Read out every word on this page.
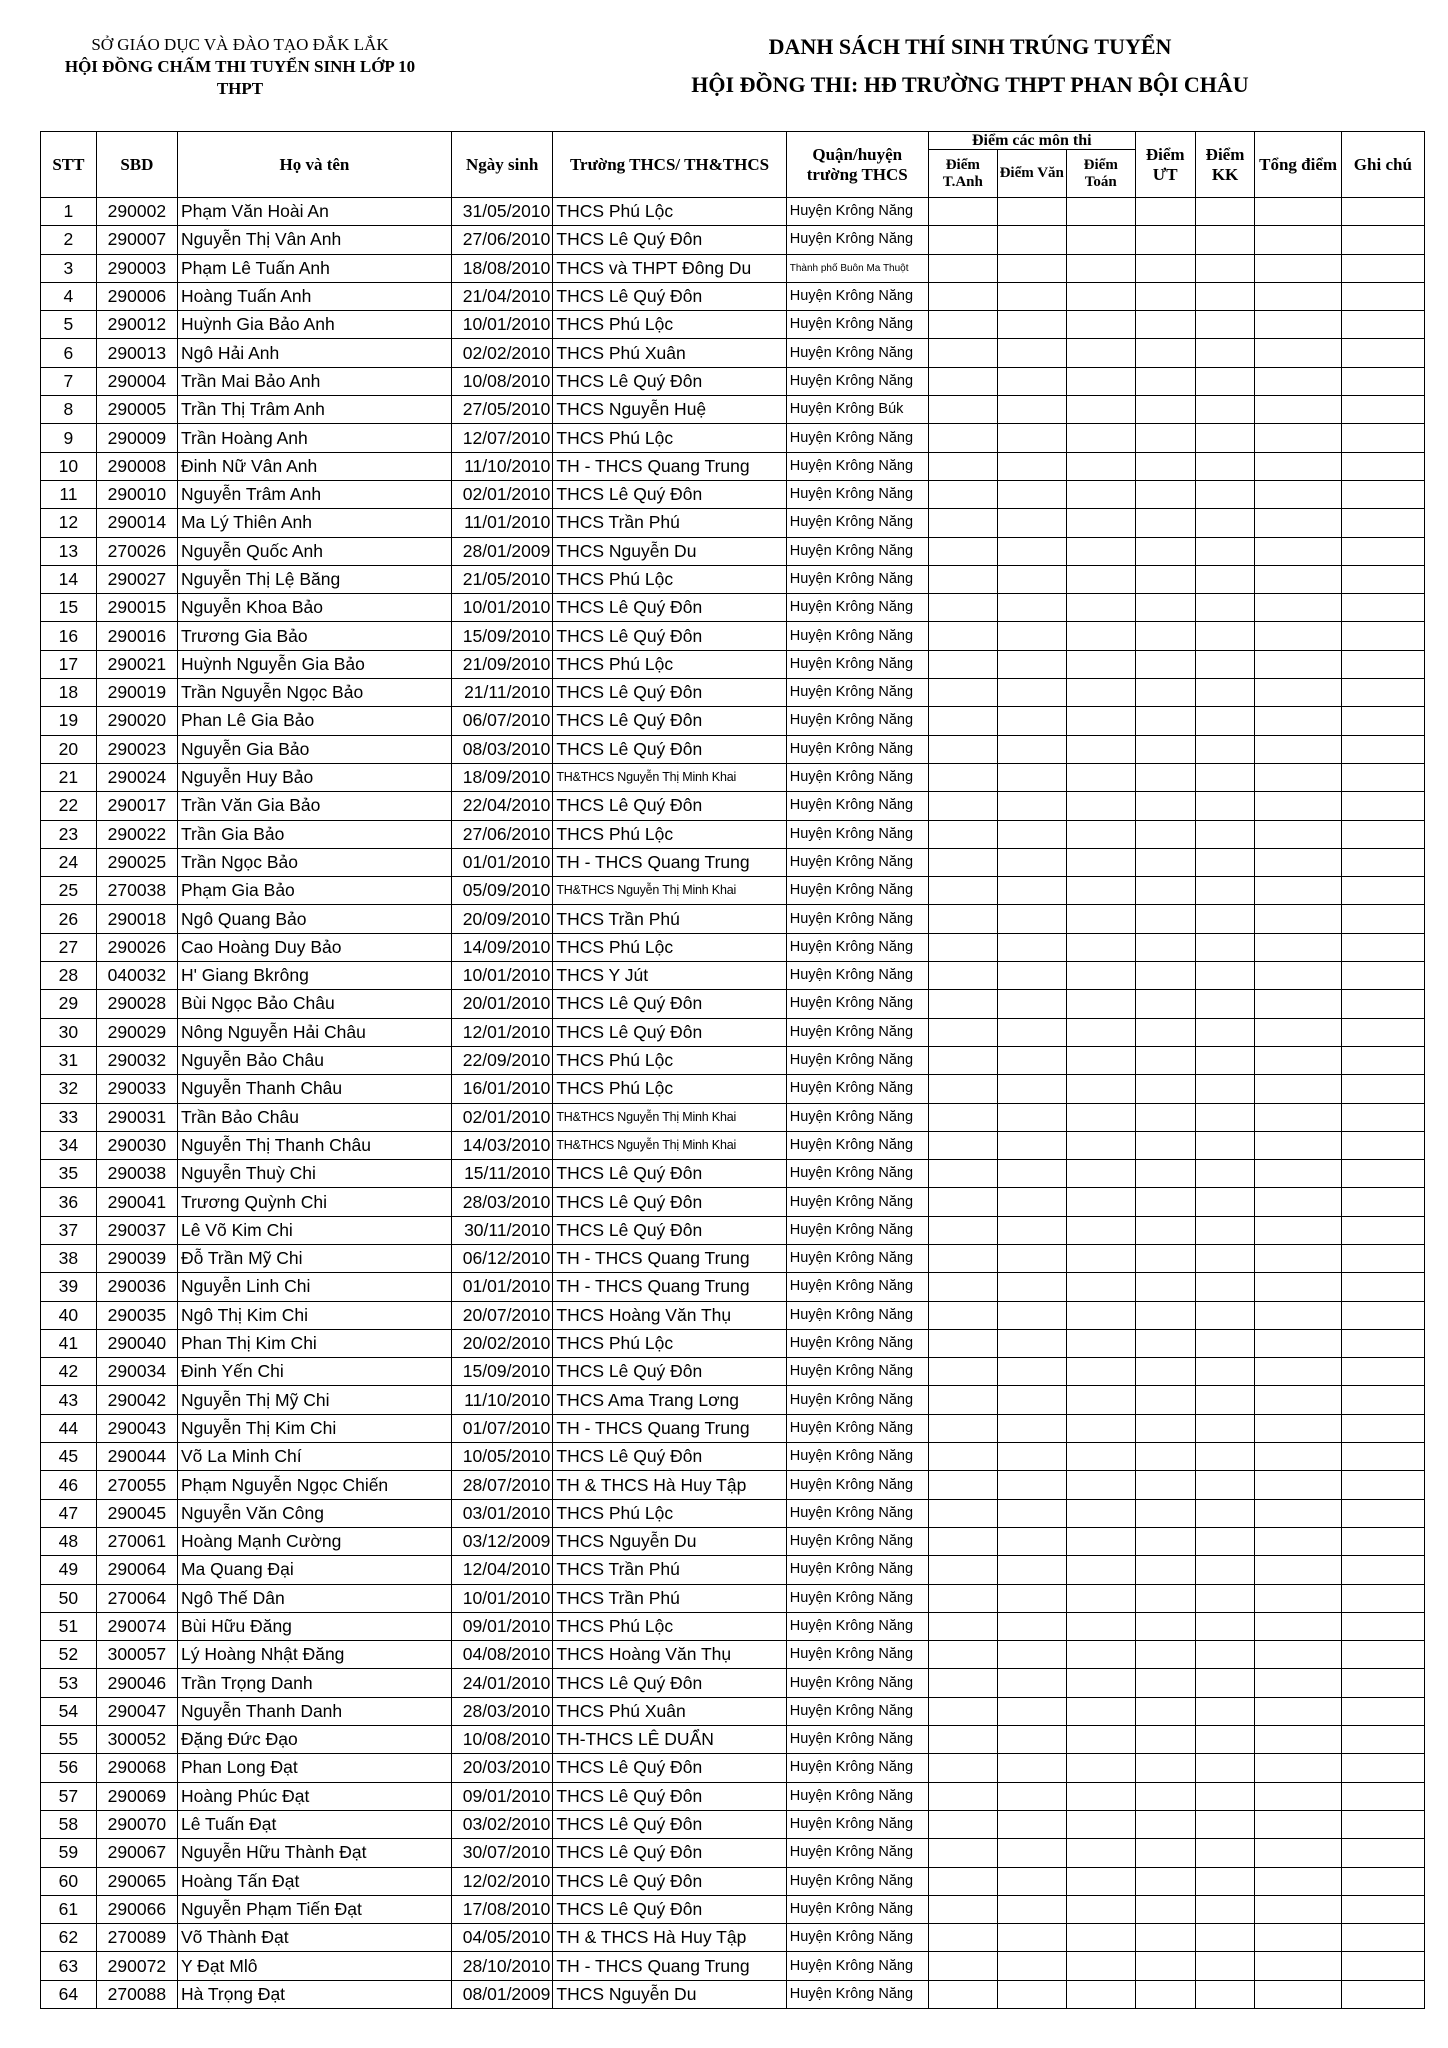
SỞ GIÁO DỤC VÀ ĐÀO TẠO ĐẮK LẮK
HỘI ĐỒNG CHẤM THI TUYỂN SINH LỚP 10
THPT
DANH SÁCH THÍ SINH TRÚNG TUYỂN
HỘI ĐỒNG THI: HĐ TRƯỜNG THPT PHAN BỘI CHÂU
STT	SBD	Họ và tên	Ngày sinh	Trường THCS/ TH&THCS	Quận/huyện trường THCS	Điểm các môn thi			Điểm ƯT	Điểm KK	Tổng điểm	Ghi chú
						Điểm T.Anh	Điểm Văn	Điểm Toán				
1	290002	Phạm Văn Hoài An	31/05/2010	THCS Phú Lộc	Huyện Krông Năng							
2	290007	Nguyễn Thị Vân Anh	27/06/2010	THCS Lê Quý Đôn	Huyện Krông Năng							
3	290003	Phạm Lê Tuấn Anh	18/08/2010	THCS và THPT Đông Du	Thành phố Buôn Ma Thuột							
4	290006	Hoàng Tuấn Anh	21/04/2010	THCS Lê Quý Đôn	Huyện Krông Năng							
5	290012	Huỳnh Gia Bảo Anh	10/01/2010	THCS Phú Lộc	Huyện Krông Năng							
6	290013	Ngô Hải Anh	02/02/2010	THCS Phú Xuân	Huyện Krông Năng							
7	290004	Trần Mai Bảo Anh	10/08/2010	THCS Lê Quý Đôn	Huyện Krông Năng							
8	290005	Trần Thị Trâm Anh	27/05/2010	THCS Nguyễn Huệ	Huyện Krông Búk							
9	290009	Trần Hoàng Anh	12/07/2010	THCS Phú Lộc	Huyện Krông Năng							
10	290008	Đinh Nữ Vân Anh	11/10/2010	TH - THCS Quang Trung	Huyện Krông Năng							
11	290010	Nguyễn Trâm Anh	02/01/2010	THCS Lê Quý Đôn	Huyện Krông Năng							
12	290014	Ma Lý Thiên Anh	11/01/2010	THCS Trần Phú	Huyện Krông Năng							
13	270026	Nguyễn Quốc Anh	28/01/2009	THCS Nguyễn Du	Huyện Krông Năng							
14	290027	Nguyễn Thị Lệ Băng	21/05/2010	THCS Phú Lộc	Huyện Krông Năng							
15	290015	Nguyễn Khoa Bảo	10/01/2010	THCS Lê Quý Đôn	Huyện Krông Năng							
16	290016	Trương Gia Bảo	15/09/2010	THCS Lê Quý Đôn	Huyện Krông Năng							
17	290021	Huỳnh Nguyễn Gia Bảo	21/09/2010	THCS Phú Lộc	Huyện Krông Năng							
18	290019	Trần Nguyễn Ngọc Bảo	21/11/2010	THCS Lê Quý Đôn	Huyện Krông Năng							
19	290020	Phan Lê Gia Bảo	06/07/2010	THCS Lê Quý Đôn	Huyện Krông Năng							
20	290023	Nguyễn Gia Bảo	08/03/2010	THCS Lê Quý Đôn	Huyện Krông Năng							
21	290024	Nguyễn Huy Bảo	18/09/2010	TH&THCS Nguyễn Thị Minh Khai	Huyện Krông Năng							
22	290017	Trần Văn Gia Bảo	22/04/2010	THCS Lê Quý Đôn	Huyện Krông Năng							
23	290022	Trần Gia Bảo	27/06/2010	THCS Phú Lộc	Huyện Krông Năng							
24	290025	Trần Ngọc Bảo	01/01/2010	TH - THCS Quang Trung	Huyện Krông Năng							
25	270038	Phạm Gia Bảo	05/09/2010	TH&THCS Nguyễn Thị Minh Khai	Huyện Krông Năng							
26	290018	Ngô Quang Bảo	20/09/2010	THCS Trần Phú	Huyện Krông Năng							
27	290026	Cao Hoàng Duy Bảo	14/09/2010	THCS Phú Lộc	Huyện Krông Năng							
28	040032	H' Giang Bkrông	10/01/2010	THCS Y Jút	Huyện Krông Năng							
29	290028	Bùi Ngọc Bảo Châu	20/01/2010	THCS Lê Quý Đôn	Huyện Krông Năng							
30	290029	Nông Nguyễn Hải Châu	12/01/2010	THCS Lê Quý Đôn	Huyện Krông Năng							
31	290032	Nguyễn Bảo Châu	22/09/2010	THCS Phú Lộc	Huyện Krông Năng							
32	290033	Nguyễn Thanh Châu	16/01/2010	THCS Phú Lộc	Huyện Krông Năng							
33	290031	Trần Bảo Châu	02/01/2010	TH&THCS Nguyễn Thị Minh Khai	Huyện Krông Năng							
34	290030	Nguyễn Thị Thanh Châu	14/03/2010	TH&THCS Nguyễn Thị Minh Khai	Huyện Krông Năng							
35	290038	Nguyễn Thuỳ Chi	15/11/2010	THCS Lê Quý Đôn	Huyện Krông Năng							
36	290041	Trương Quỳnh Chi	28/03/2010	THCS Lê Quý Đôn	Huyện Krông Năng							
37	290037	Lê Võ Kim Chi	30/11/2010	THCS Lê Quý Đôn	Huyện Krông Năng							
38	290039	Đỗ Trần Mỹ Chi	06/12/2010	TH - THCS Quang Trung	Huyện Krông Năng							
39	290036	Nguyễn Linh Chi	01/01/2010	TH - THCS Quang Trung	Huyện Krông Năng							
40	290035	Ngô Thị Kim Chi	20/07/2010	THCS Hoàng Văn Thụ	Huyện Krông Năng							
41	290040	Phan Thị Kim Chi	20/02/2010	THCS Phú Lộc	Huyện Krông Năng							
42	290034	Đinh Yến Chi	15/09/2010	THCS Lê Quý Đôn	Huyện Krông Năng							
43	290042	Nguyễn Thị Mỹ Chi	11/10/2010	THCS Ama Trang Lơng	Huyện Krông Năng							
44	290043	Nguyễn Thị Kim Chi	01/07/2010	TH - THCS Quang Trung	Huyện Krông Năng							
45	290044	Võ La Minh Chí	10/05/2010	THCS Lê Quý Đôn	Huyện Krông Năng							
46	270055	Phạm Nguyễn Ngọc Chiến	28/07/2010	TH & THCS Hà Huy Tập	Huyện Krông Năng							
47	290045	Nguyễn Văn Công	03/01/2010	THCS Phú Lộc	Huyện Krông Năng							
48	270061	Hoàng Mạnh Cường	03/12/2009	THCS Nguyễn Du	Huyện Krông Năng							
49	290064	Ma Quang Đại	12/04/2010	THCS Trần Phú	Huyện Krông Năng							
50	270064	Ngô Thế Dân	10/01/2010	THCS Trần Phú	Huyện Krông Năng							
51	290074	Bùi Hữu Đăng	09/01/2010	THCS Phú Lộc	Huyện Krông Năng							
52	300057	Lý Hoàng Nhật Đăng	04/08/2010	THCS Hoàng Văn Thụ	Huyện Krông Năng							
53	290046	Trần Trọng Danh	24/01/2010	THCS Lê Quý Đôn	Huyện Krông Năng							
54	290047	Nguyễn Thanh Danh	28/03/2010	THCS Phú Xuân	Huyện Krông Năng							
55	300052	Đặng Đức Đạo	10/08/2010	TH-THCS LÊ DUẨN	Huyện Krông Năng							
56	290068	Phan Long Đạt	20/03/2010	THCS Lê Quý Đôn	Huyện Krông Năng							
57	290069	Hoàng Phúc Đạt	09/01/2010	THCS Lê Quý Đôn	Huyện Krông Năng							
58	290070	Lê Tuấn Đạt	03/02/2010	THCS Lê Quý Đôn	Huyện Krông Năng							
59	290067	Nguyễn Hữu Thành Đạt	30/07/2010	THCS Lê Quý Đôn	Huyện Krông Năng							
60	290065	Hoàng Tấn Đạt	12/02/2010	THCS Lê Quý Đôn	Huyện Krông Năng							
61	290066	Nguyễn Phạm Tiến Đạt	17/08/2010	THCS Lê Quý Đôn	Huyện Krông Năng							
62	270089	Võ Thành Đạt	04/05/2010	TH & THCS Hà Huy Tập	Huyện Krông Năng							
63	290072	Y Đạt Mlô	28/10/2010	TH - THCS Quang Trung	Huyện Krông Năng							
64	270088	Hà Trọng Đạt	08/01/2009	THCS Nguyễn Du	Huyện Krông Năng							
